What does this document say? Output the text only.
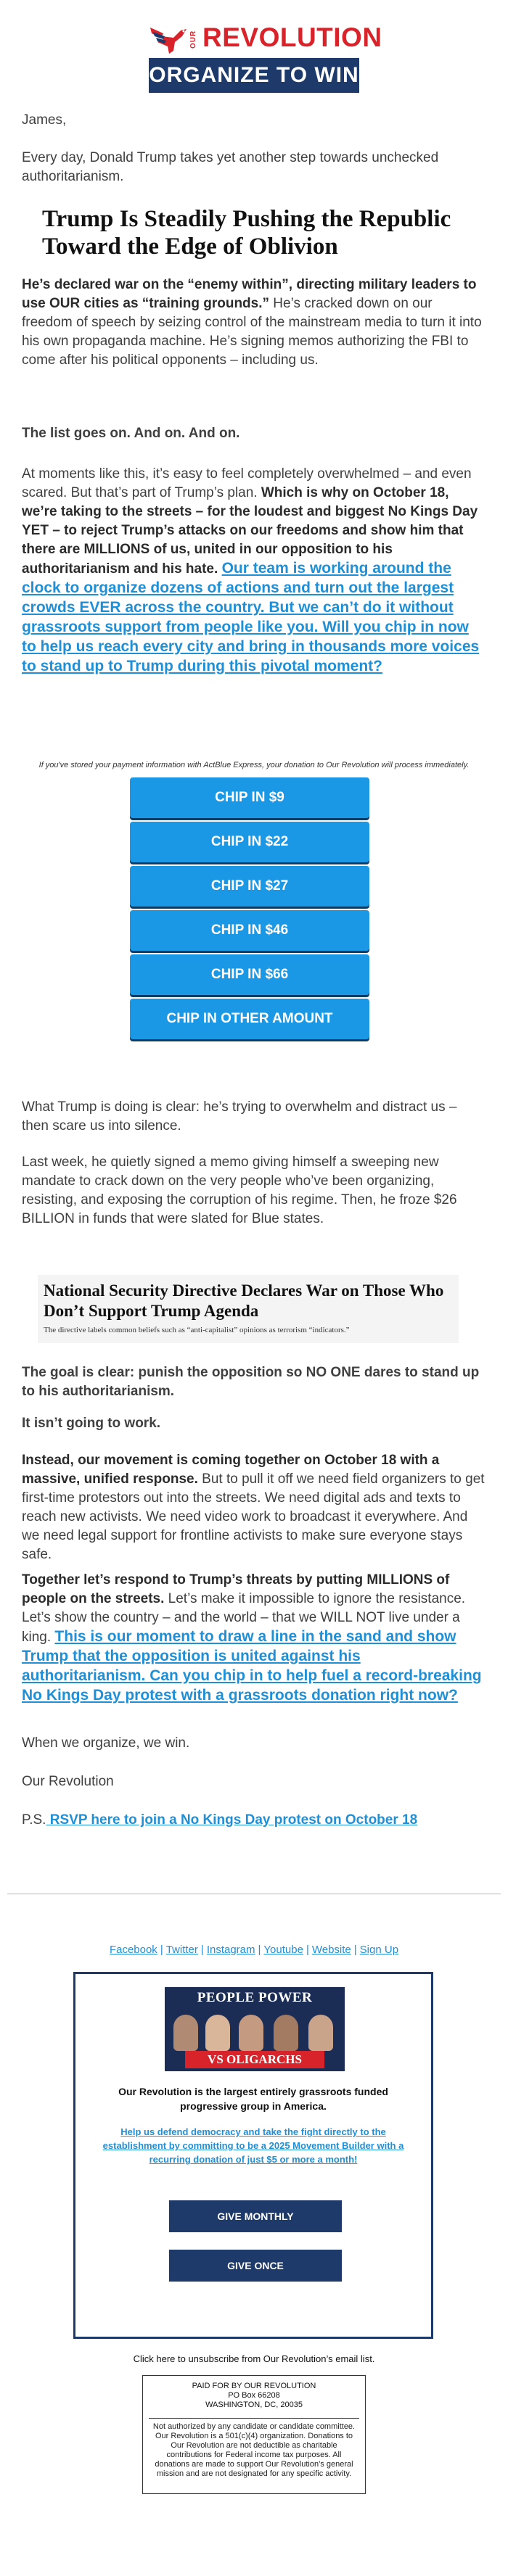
OUR REVOLUTION
ORGANIZE TO WIN

James,

Every day, Donald Trump takes yet another step towards unchecked authoritarianism.

Trump Is Steadily Pushing the Republic Toward the Edge of Oblivion

He’s declared war on the “enemy within”, directing military leaders to use OUR cities as “training grounds.” He’s cracked down on our freedom of speech by seizing control of the mainstream media to turn it into his own propaganda machine. He’s signing memos authorizing the FBI to come after his political opponents – including us.

The list goes on. And on. And on.

At moments like this, it’s easy to feel completely overwhelmed – and even scared. But that’s part of Trump’s plan. Which is why on October 18, we’re taking to the streets – for the loudest and biggest No Kings Day YET – to reject Trump’s attacks on our freedoms and show him that there are MILLIONS of us, united in our opposition to his authoritarianism and his hate. Our team is working around the clock to organize dozens of actions and turn out the largest crowds EVER across the country. But we can’t do it without grassroots support from people like you. Will you chip in now to help us reach every city and bring in thousands more voices to stand up to Trump during this pivotal moment?

If you've stored your payment information with ActBlue Express, your donation to Our Revolution will process immediately.
CHIP IN $9
CHIP IN $22
CHIP IN $27
CHIP IN $46
CHIP IN $66
CHIP IN OTHER AMOUNT

What Trump is doing is clear: he’s trying to overwhelm and distract us – then scare us into silence.

Last week, he quietly signed a memo giving himself a sweeping new mandate to crack down on the very people who’ve been organizing, resisting, and exposing the corruption of his regime. Then, he froze $26 BILLION in funds that were slated for Blue states.

National Security Directive Declares War on Those Who Don’t Support Trump Agenda
The directive labels common beliefs such as “anti-capitalist” opinions as terrorism “indicators.”

The goal is clear: punish the opposition so NO ONE dares to stand up to his authoritarianism.

It isn’t going to work.

Instead, our movement is coming together on October 18 with a massive, unified response. But to pull it off we need field organizers to get first-time protestors out into the streets. We need digital ads and texts to reach new activists. We need video work to broadcast it everywhere. And we need legal support for frontline activists to make sure everyone stays safe.

Together let’s respond to Trump’s threats by putting MILLIONS of people on the streets. Let’s make it impossible to ignore the resistance. Let’s show the country – and the world – that we WILL NOT live under a king. This is our moment to draw a line in the sand and show Trump that the opposition is united against his authoritarianism. Can you chip in to help fuel a record-breaking No Kings Day protest with a grassroots donation right now?

When we organize, we win.

Our Revolution

P.S. RSVP here to join a No Kings Day protest on October 18

Facebook | Twitter | Instagram | Youtube | Website | Sign Up
PEOPLE POWER
VS OLIGARCHS
Our Revolution is the largest entirely grassroots funded progressive group in America.
Help us defend democracy and take the fight directly to the establishment by committing to be a 2025 Movement Builder with a recurring donation of just $5 or more a month!
GIVE MONTHLY
GIVE ONCE
Click here to unsubscribe from Our Revolution’s email list.
PAID FOR BY OUR REVOLUTION
PO Box 66208
WASHINGTON, DC, 20035
Not authorized by any candidate or candidate committee. Our Revolution is a 501(c)(4) organization. Donations to Our Revolution are not deductible as charitable contributions for Federal income tax purposes. All donations are made to support Our Revolution’s general mission and are not designated for any specific activity.
